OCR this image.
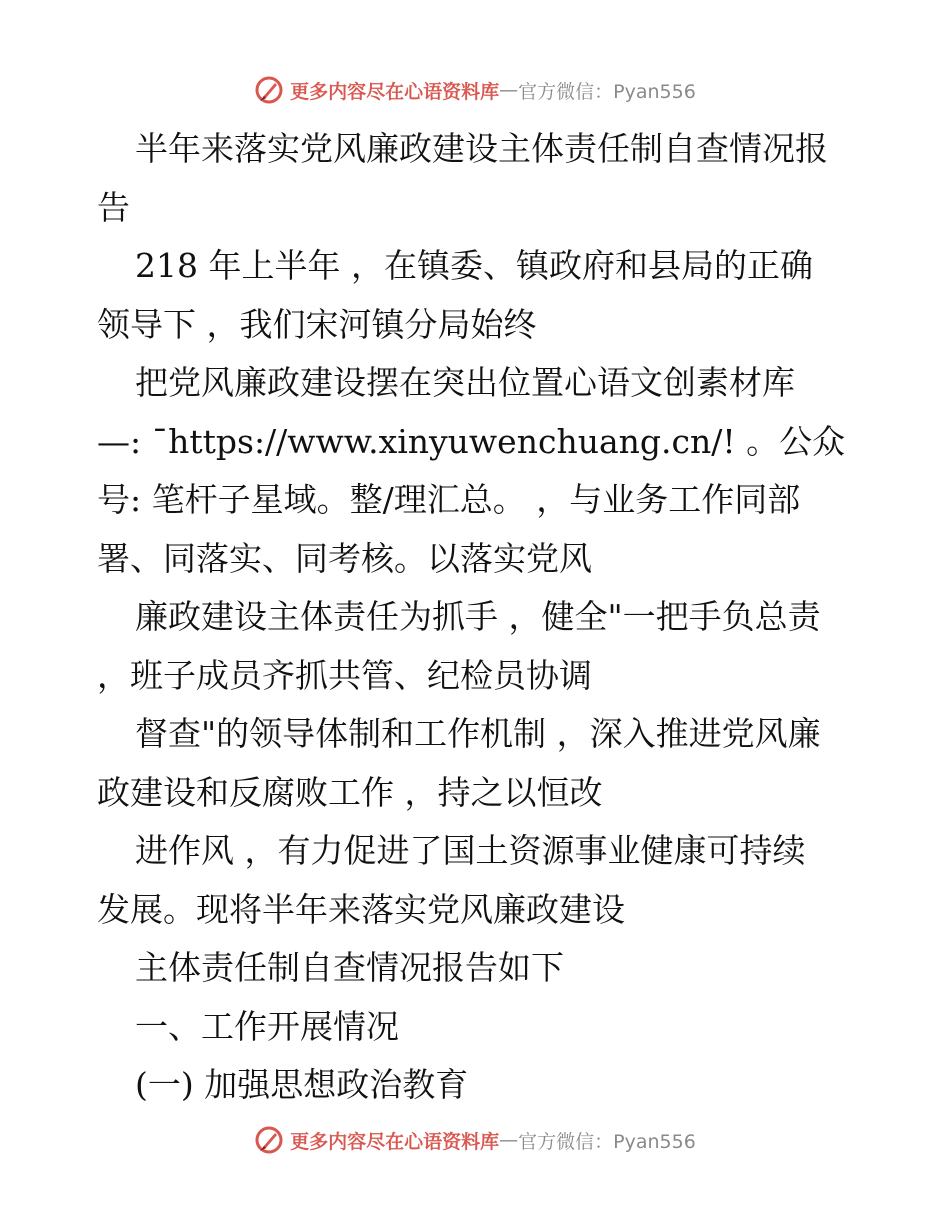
更多内容尽在心语资料库 — 官方微信：Pyan556

半年来落实党风廉政建设主体责任制自查情况报

告

218 年上半年 ，在镇委、镇政府和县局的正确

领导下 ，我们宋河镇分局始终

把党风廉政建设摆在突出位置心语文创素材库

—: ¯https://www.xinyuwenchuang.cn/! 。公众

号: 笔杆子星域。整/理汇总。 ，与业务工作同部

署、同落实、同考核。以落实党风

廉政建设主体责任为抓手 ，健全"一把手负总责

，班子成员齐抓共管、纪检员协调

督查"的领导体制和工作机制 ，深入推进党风廉

政建设和反腐败工作 ，持之以恒改

进作风 ，有力促进了国土资源事业健康可持续

发展。现将半年来落实党风廉政建设

主体责任制自查情况报告如下

一、工作开展情况

(一) 加强思想政治教育

更多内容尽在心语资料库 — 官方微信：Pyan556
